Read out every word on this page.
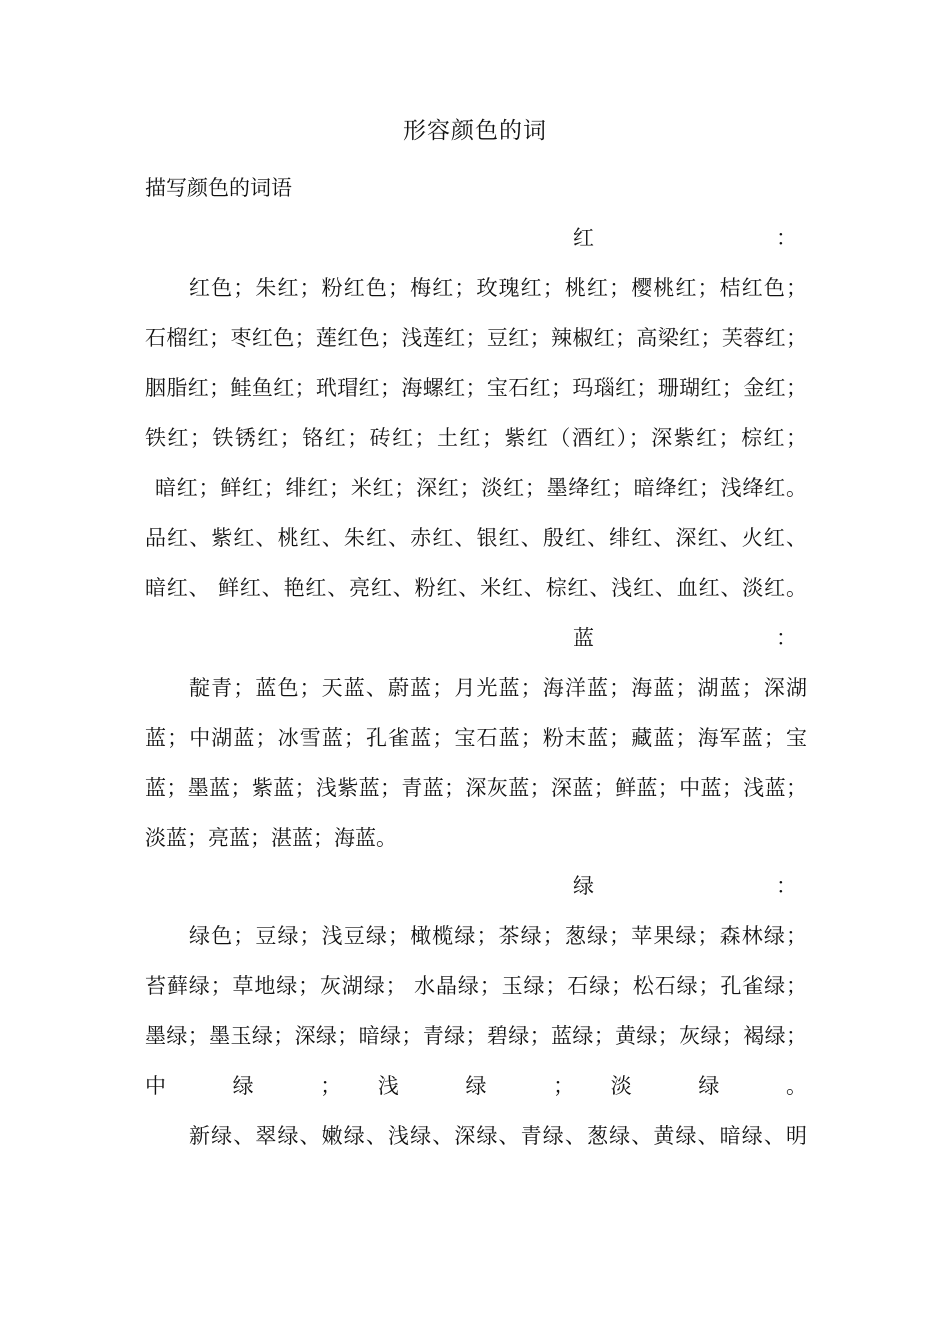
形容颜色的词
描写颜色的词语
红	：
红色；朱红；粉红色；梅红；玫瑰红；桃红；樱桃红；桔红色；
石榴红；枣红色；莲红色；浅莲红；豆红；辣椒红；高梁红；芙蓉红；
胭脂红；鲑鱼红；玳瑁红；海螺红；宝石红；玛瑙红；珊瑚红；金红；
铁红；铁锈红；铬红；砖红；土红；紫红（酒红）；深紫红；棕红；
暗红；鲜红；绯红；米红；深红；淡红；墨绛红；暗绛红；浅绛红。
品红、紫红、桃红、朱红、赤红、银红、殷红、绯红、深红、火红、
暗红、 鲜红、艳红、亮红、粉红、米红、棕红、浅红、血红、淡红。
蓝	：
靛青；蓝色；天蓝、蔚蓝；月光蓝；海洋蓝；海蓝；湖蓝；深湖
蓝；中湖蓝；冰雪蓝；孔雀蓝；宝石蓝；粉末蓝；藏蓝；海军蓝；宝
蓝；墨蓝；紫蓝；浅紫蓝；青蓝；深灰蓝；深蓝；鲜蓝；中蓝；浅蓝；
淡蓝；亮蓝；湛蓝；海蓝。
绿	：
绿色；豆绿；浅豆绿；橄榄绿；茶绿；葱绿；苹果绿；森林绿；
苔藓绿；草地绿；灰湖绿； 水晶绿；玉绿；石绿；松石绿；孔雀绿；
墨绿；墨玉绿；深绿；暗绿；青绿；碧绿；蓝绿；黄绿；灰绿；褐绿；
中 绿 ； 浅 绿 ； 淡 绿 。
新绿、翠绿、嫩绿、浅绿、深绿、青绿、葱绿、黄绿、暗绿、明
